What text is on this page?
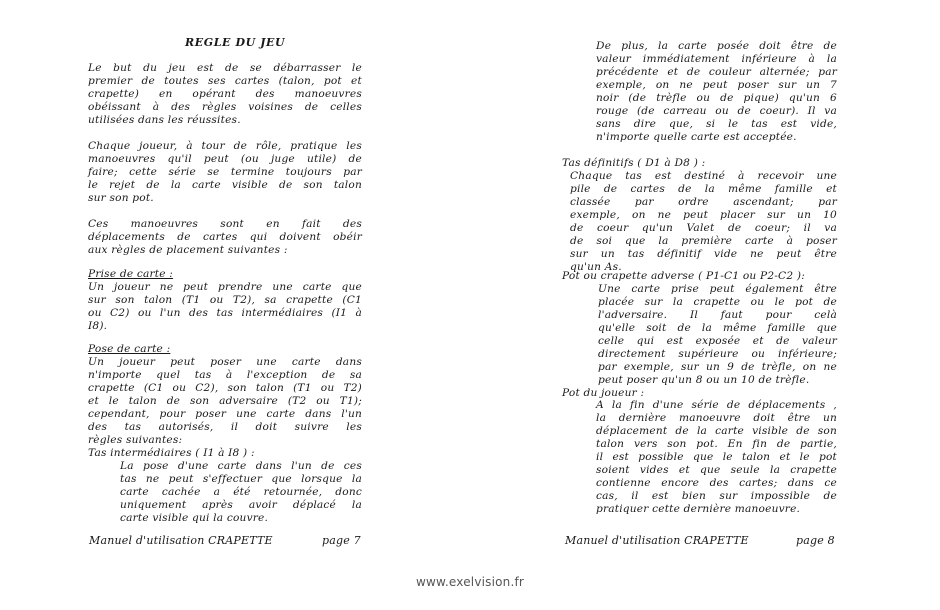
REGLE DU JEU
Le but du jeu est de se débarrasser le
premier de toutes ses cartes (talon, pot et
crapette) en opérant des manoeuvres
obéissant à des règles voisines de celles
utilisées dans les réussites.
Chaque joueur, à tour de rôle, pratique les
manoeuvres qu'il peut (ou juge utile) de
faire; cette série se termine toujours par
le rejet de la carte visible de son talon
sur son pot.
Ces manoeuvres sont en fait des
déplacements de cartes qui doivent obéir
aux règles de placement suivantes :
Prise de carte :
Un joueur ne peut prendre une carte que
sur son talon (T1 ou T2), sa crapette (C1
ou C2) ou l'un des tas intermédiaires (I1 à
I8).
Pose de carte :
Un joueur peut poser une carte dans
n'importe quel tas à l'exception de sa
crapette (C1 ou C2), son talon (T1 ou T2)
et le talon de son adversaire (T2 ou T1);
cependant, pour poser une carte dans l'un
des tas autorisés, il doit suivre les
règles suivantes:
Tas intermédiaires ( I1 à I8 ) :
La pose d'une carte dans l'un de ces
tas ne peut s'effectuer que lorsque la
carte cachée a été retournée, donc
uniquement après avoir déplacé la
carte visible qui la couvre.
De plus, la carte posée doit être de
valeur immédiatement inférieure à la
précédente et de couleur alternée; par
exemple, on ne peut poser sur un 7
noir (de trèfle ou de pique) qu'un 6
rouge (de carreau ou de coeur). Il va
sans dire que, si le tas est vide,
n'importe quelle carte est acceptée.
Tas définitifs ( D1 à D8 ) :
Chaque tas est destiné à recevoir une
pile de cartes de la même famille et
classée par ordre ascendant; par
exemple, on ne peut placer sur un 10
de coeur qu'un Valet de coeur; il va
de soi que la première carte à poser
sur un tas définitif vide ne peut être
qu'un As.
Pot ou crapette adverse ( P1-C1 ou P2-C2 ):
Une carte prise peut également être
placée sur la crapette ou le pot de
l'adversaire. Il faut pour celà
qu'elle soit de la même famille que
celle qui est exposée et de valeur
directement supérieure ou inférieure;
par exemple, sur un 9 de trèfle, on ne
peut poser qu'un 8 ou un 10 de trèfle.
Pot du joueur :
A la fin d'une série de déplacements ,
la dernière manoeuvre doit être un
déplacement de la carte visible de son
talon vers son pot. En fin de partie,
il est possible que le talon et le pot
soient vides et que seule la crapette
contienne encore des cartes; dans ce
cas, il est bien sur impossible de
pratiquer cette dernière manoeuvre.
Manuel d'utilisation CRAPETTE	page 7	Manuel d'utilisation CRAPETTE	page 8
www.exelvision.fr
